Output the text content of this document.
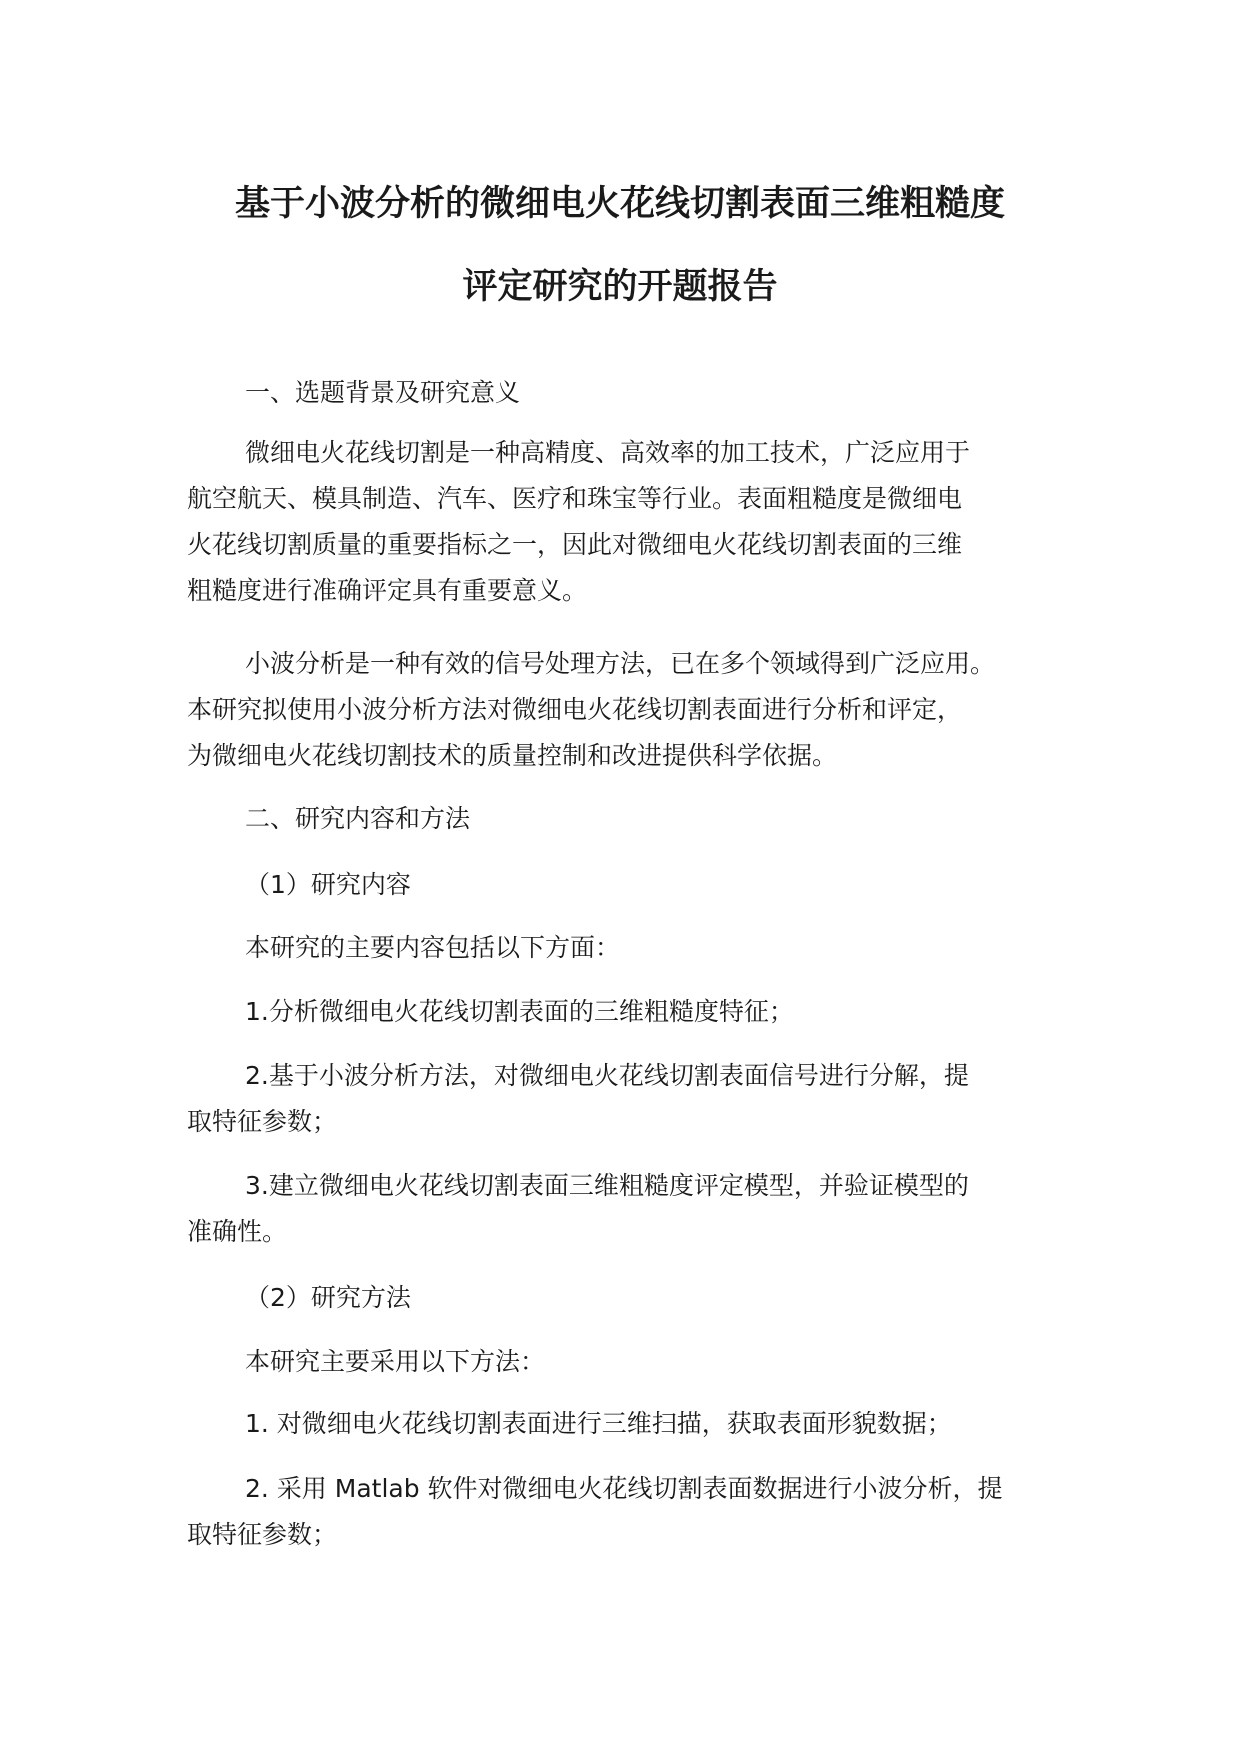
基于小波分析的微细电火花线切割表面三维粗糙度
评定研究的开题报告

一、选题背景及研究意义

微细电火花线切割是一种高精度、高效率的加工技术，广泛应用于
航空航天、模具制造、汽车、医疗和珠宝等行业。表面粗糙度是微细电
火花线切割质量的重要指标之一，因此对微细电火花线切割表面的三维
粗糙度进行准确评定具有重要意义。

小波分析是一种有效的信号处理方法，已在多个领域得到广泛应用。
本研究拟使用小波分析方法对微细电火花线切割表面进行分析和评定，
为微细电火花线切割技术的质量控制和改进提供科学依据。

二、研究内容和方法

（1）研究内容

本研究的主要内容包括以下方面：

1.分析微细电火花线切割表面的三维粗糙度特征；

2.基于小波分析方法，对微细电火花线切割表面信号进行分解，提
取特征参数；

3.建立微细电火花线切割表面三维粗糙度评定模型，并验证模型的
准确性。

（2）研究方法

本研究主要采用以下方法：

1. 对微细电火花线切割表面进行三维扫描，获取表面形貌数据；

2. 采用 Matlab 软件对微细电火花线切割表面数据进行小波分析，提
取特征参数；
